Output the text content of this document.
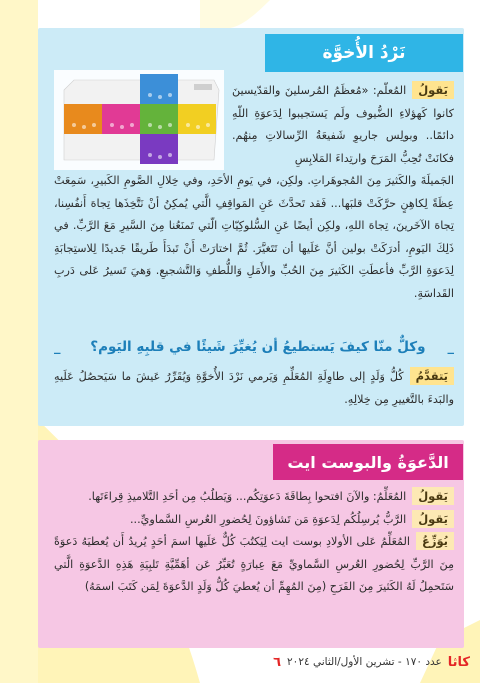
نَرْدُ الأُخوَّة
يَقولُالمُعلّم: «مُعظَمُ المُرسلينَ والقدّيسينَ كانوا كَهؤلاءِ الضُّيوف ولَم يَستجيبوا لِدَعوَةِ اللّهِ دائمًا.. وبولِس جاريوِ شَفيعَةُ الرِّسالاتِ مِنهُم. فكانَتْ تُحِبُّ المَرَحَ وارتِداءَ المَلابِسِ
الجَميلَةَ والكَثيرَ مِنَ المُجوهَراتِ. ولكِن، في يَومِ الأحَدِ، وفي خِلالِ الصَّومِ الكَبيرِ، سَمِعَتْ عِظَةً لِكاهِنٍ حرَّكَتْ قلبَها... فَقد تَحدَّثَ عَنِ المَواقِفِ الَّتي يُمكِنُ أنْ نَتَّخِذَها تِجاهَ أَنفُسِنا، تِجاهَ الآخَرينَ، تِجاهَ اللهِ، ولكِن أيضًا عَنِ السُّلوكِيّاتِ الّتي تَمنَعُنا مِنَ السَّيرِ مَعَ الرَّبِّ. في ذَلِكَ اليَومِ، أدرَكَتْ بولين أنَّ عَلَيها أن تَتَغيَّرَ. ثُمَّ اختارَتْ أَنْ تَبدَأَ طَريقًا جَديدًا لِلاستِجابَةِ لِدَعوَةِ الرَّبِّ فأعطَتِ الكَثيرَ مِنَ الحُبِّ والأَمَلِ وَاللُّطفِ وَالتَّشجيعِ. وَهيَ تَسيرُ عَلى دَربِ القَداسَةِ.
_
وكلٌّ منّا كيفَ يَستطيعُ أن يُغيِّرَ شَيئًا في قلبِهِ اليَوم؟
_
يَتقدَّمُكُلُّ وَلَدٍ إلى طاوِلَةِ المُعَلِّمِ وَيَرمي نَرْدَ الأُخوَّةِ وَيُقَرِّرُ عَيشَ ما سَيَحصُلُ عَلَيهِ والبَدءَ بالتَّغييرِ مِن خِلالِهِ.
الدَّعوَةُ والبوست ايت
يَقولُالمُعَلِّمُ: والآنَ افتحوا بِطاقَةَ دَعوَتِكُم... وَيَطلُبُ مِن أحَدِ التَّلاميذِ قِراءَتَها.
يَقولُالرَّبُّ يُرسِلُكُم لِدَعوَةِ مَن تَشاؤونَ لِحُضورِ العُرسِ السَّماويِّ...
يُوَزِّعُالمُعَلِّمُ عَلى الأولادِ بوست ايت لِيَكتُبَ كُلٌّ عَلَيها اسمَ أحَدٍ يُريدُ أَن يُعطيَهُ دَعوَةً مِنَ الرَّبِّ لِحُضورِ العُرسِ السَّماويِّ مَعَ عِبارَةٍ تُعَبِّرُ عَن أهَمِّيَّةِ تَلبِيَةِ هَذِهِ الدَّعوَةِ الَّتي سَتَحمِلُ لَهُ الكَثيرَ مِنَ الفَرَحِ (مِنَ المُهِمِّ أن يُعطيَ كُلُّ وَلَدٍ الدَّعوَةَ لِمَن كَتَبَ اسمَهُ)
كاثا
عدد ١٧٠ - تشرين الأول/الثاني ٢٠٢٤
٦
